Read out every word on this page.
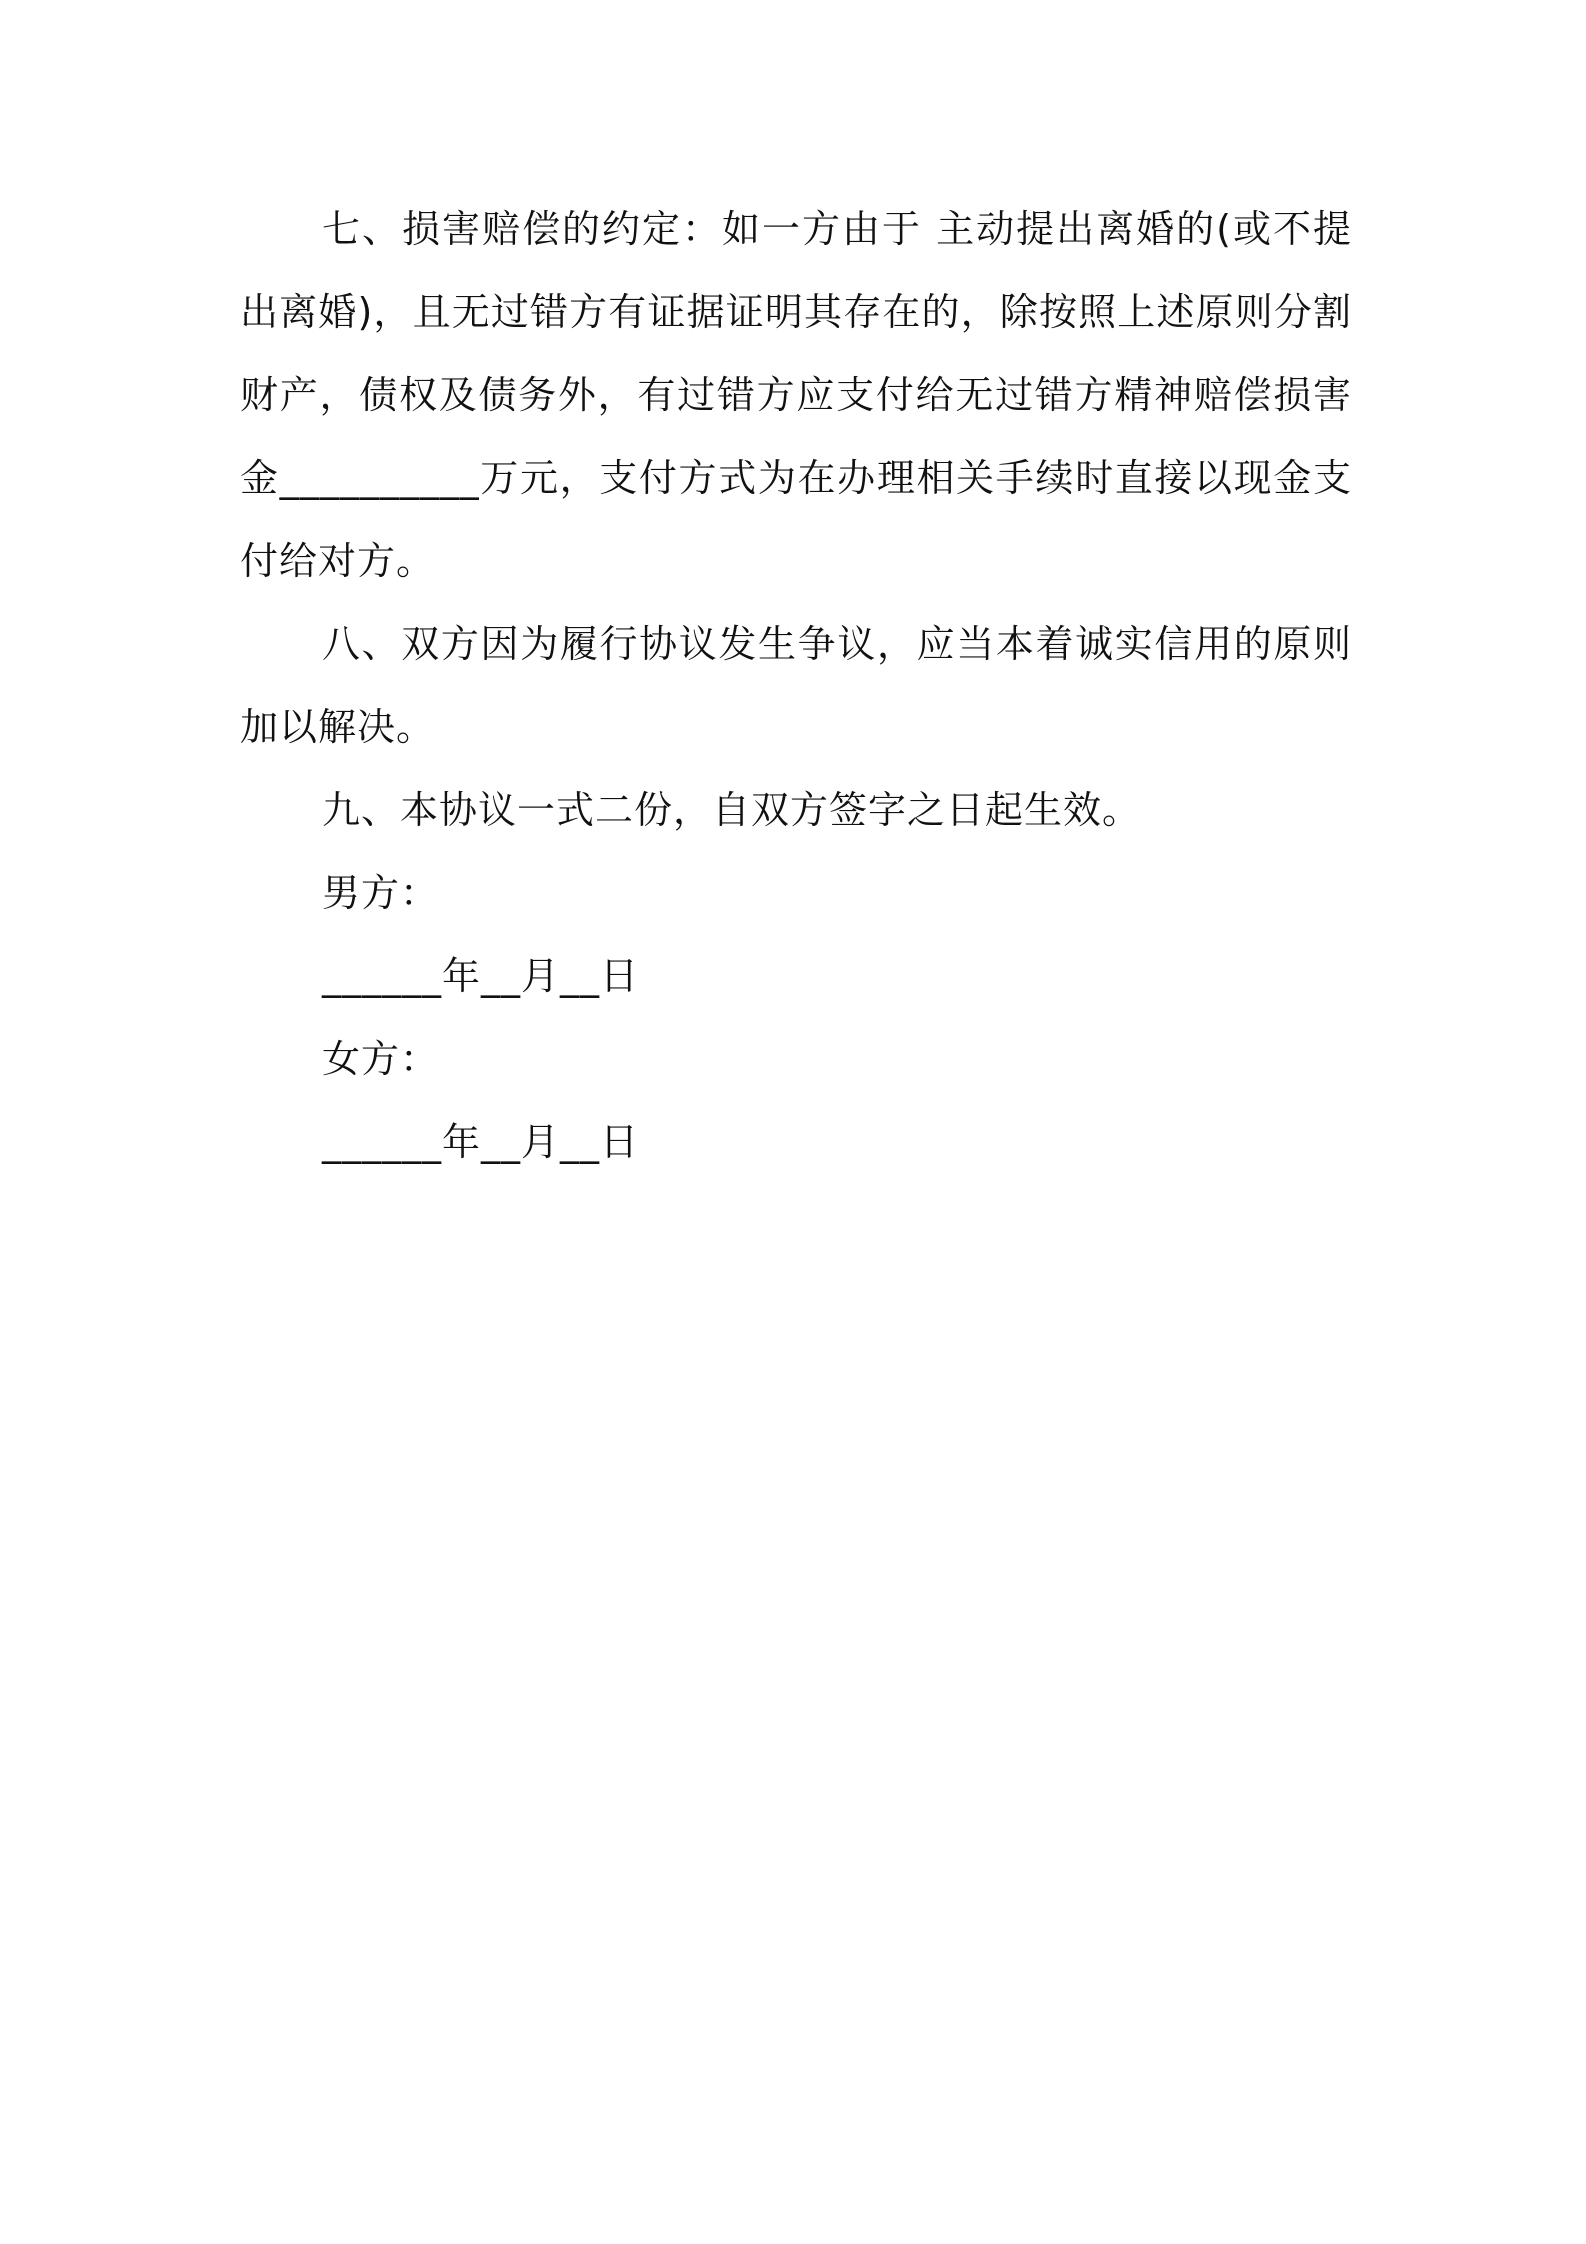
七、损害赔偿的约定：如一方由于 主动提出离婚的(或不提出离婚)，且无过错方有证据证明其存在的，除按照上述原则分割财产，债权及债务外，有过错方应支付给无过错方精神赔偿损害金__________万元，支付方式为在办理相关手续时直接以现金支付给对方。

八、双方因为履行协议发生争议，应当本着诚实信用的原则加以解决。

九、本协议一式二份，自双方签字之日起生效。

男方：

______年__月__日

女方：

______年__月__日
